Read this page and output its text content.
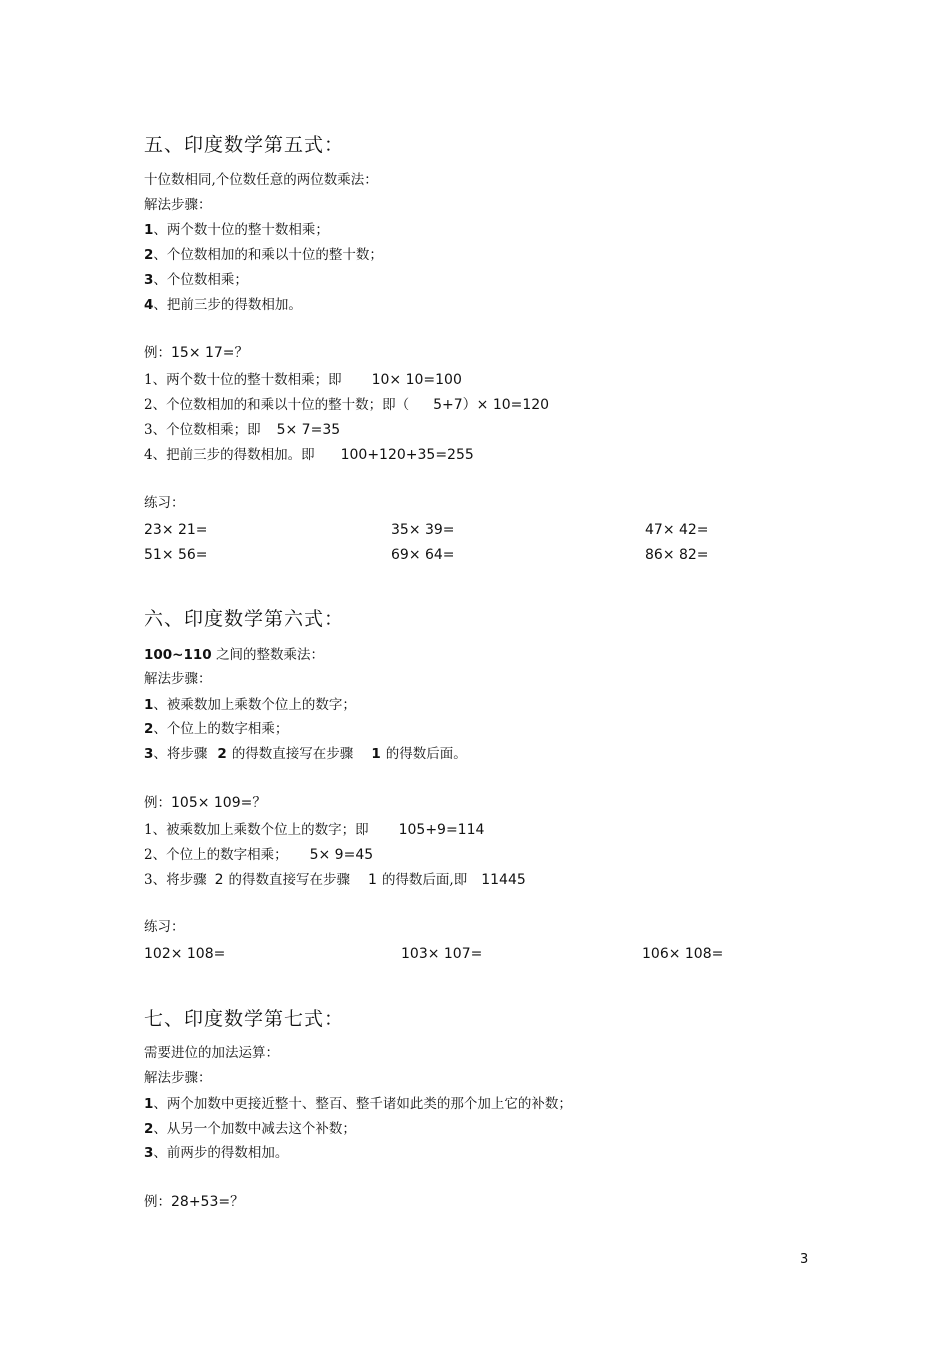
五、印度数学第五式：
十位数相同,个位数任意的两位数乘法：
解法步骤：
1、两个数十位的整十数相乘；
2、个位数相加的和乘以十位的整十数；
3、个位数相乘；
4、把前三步的得数相加。
例：15× 17=？
1、两个数十位的整十数相乘；即 10× 10=100
2、个位数相加的和乘以十位的整十数；即（ 5+7）× 10=120
3、个位数相乘；即 5× 7=35
4、把前三步的得数相加。即 100+120+35=255
练习：
23× 21=	35× 39=	47× 42=
51× 56=	69× 64=	86× 82=
六、印度数学第六式：
100~110 之间的整数乘法：
解法步骤：
1、被乘数加上乘数个位上的数字；
2、个位上的数字相乘；
3、将步骤 2 的得数直接写在步骤 1 的得数后面。
例：105× 109=？
1、被乘数加上乘数个位上的数字；即 105+9=114
2、个位上的数字相乘； 5× 9=45
3、将步骤 2 的得数直接写在步骤 1 的得数后面,即 11445
练习：
102× 108=	103× 107=	106× 108=
七、印度数学第七式：
需要进位的加法运算：
解法步骤：
1、两个加数中更接近整十、整百、整千诸如此类的那个加上它的补数；
2、从另一个加数中减去这个补数；
3、前两步的得数相加。
例：28+53=？
3
